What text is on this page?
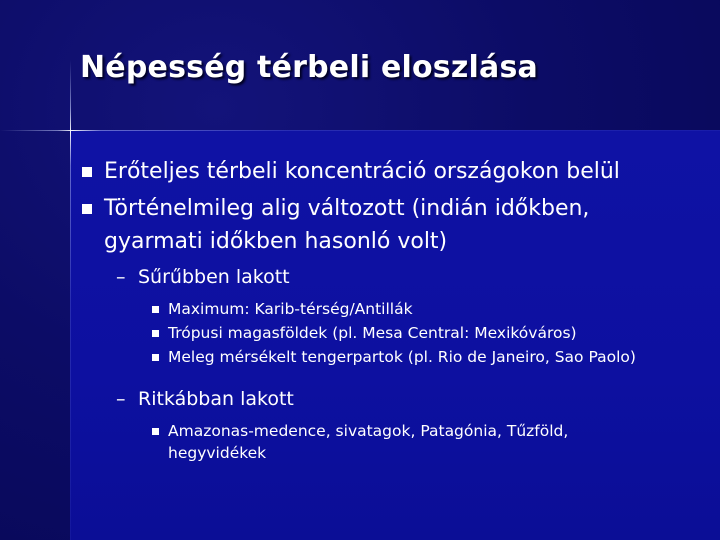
Népesség térbeli eloszlása

Erőteljes térbeli koncentráció országokon belül

Történelmileg alig változott (indián időkben,

gyarmati időkben hasonló volt)

– Sűrűbben lakott

Maximum: Karib-térség/Antillák

Trópusi magasföldek (pl. Mesa Central: Mexikóváros)

Meleg mérsékelt tengerpartok (pl. Rio de Janeiro, Sao Paolo)

– Ritkábban lakott

Amazonas-medence, sivatagok, Patagónia, Tűzföld,

hegyvidékek
